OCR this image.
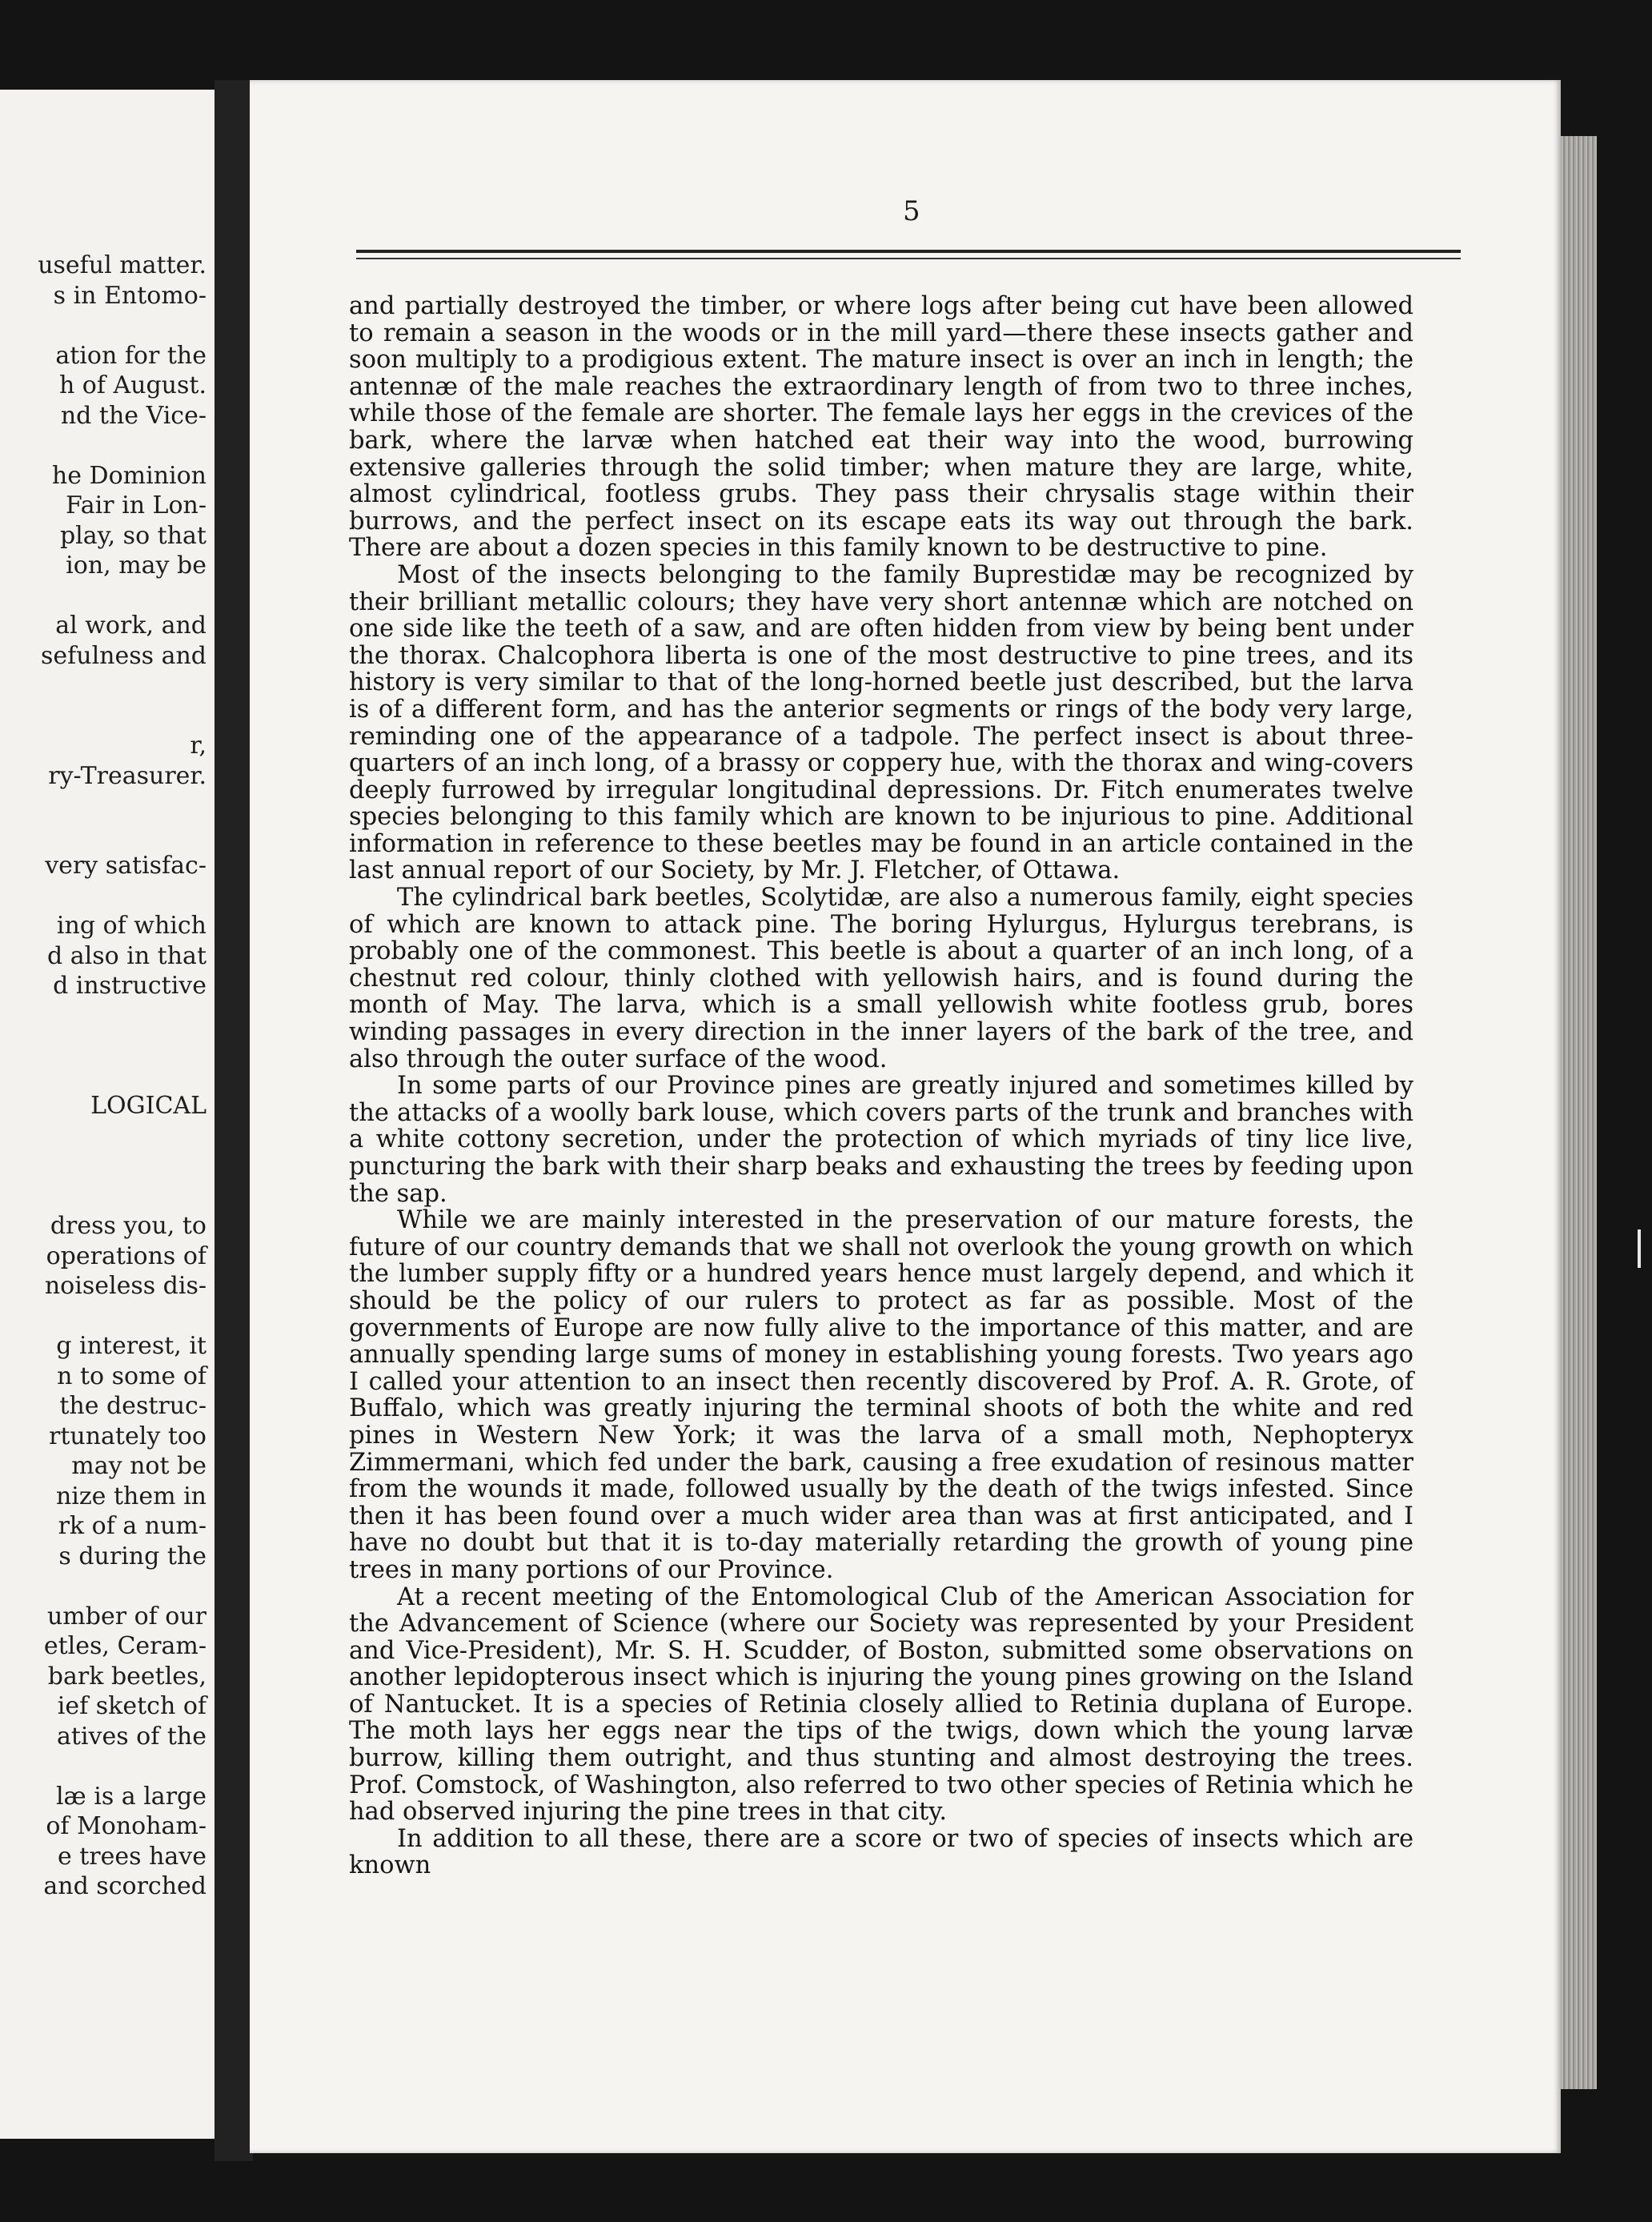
useful matter.
s in Entomo-
ation for the
h of August.
nd the Vice-
he Dominion
Fair in Lon-
play, so that
ion, may be
al work, and
sefulness and
r,
ry-Treasurer.
very satisfac-
ing of which
d also in that
d instructive
LOGICAL
dress you, to
operations of
noiseless dis-
g interest, it
n to some of
the destruc-
rtunately too
may not be
nize them in
rk of a num-
s during the
umber of our
etles, Ceram-
bark beetles,
ief sketch of
atives of the
læ is a large
of Monoham-
e trees have
and scorched
5

and partially destroyed the timber, or where logs after being cut have been allowed to remain a season in the woods or in the mill yard—there these insects gather and soon multiply to a prodigious extent. The mature insect is over an inch in length; the antennæ of the male reaches the extraordinary length of from two to three inches, while those of the female are shorter. The female lays her eggs in the crevices of the bark, where the larvæ when hatched eat their way into the wood, burrowing extensive galleries through the solid timber; when mature they are large, white, almost cylindrical, footless grubs. They pass their chrysalis stage within their burrows, and the perfect insect on its escape eats its way out through the bark. There are about a dozen species in this family known to be destructive to pine.

Most of the insects belonging to the family Buprestidæ may be recognized by their brilliant metallic colours; they have very short antennæ which are notched on one side like the teeth of a saw, and are often hidden from view by being bent under the thorax. Chalcophora liberta is one of the most destructive to pine trees, and its history is very similar to that of the long-horned beetle just described, but the larva is of a different form, and has the anterior segments or rings of the body very large, reminding one of the appearance of a tadpole. The perfect insect is about three-quarters of an inch long, of a brassy or coppery hue, with the thorax and wing-covers deeply furrowed by irregular longitudinal depressions. Dr. Fitch enumerates twelve species belonging to this family which are known to be injurious to pine. Additional information in reference to these beetles may be found in an article contained in the last annual report of our Society, by Mr. J. Fletcher, of Ottawa.

The cylindrical bark beetles, Scolytidæ, are also a numerous family, eight species of which are known to attack pine. The boring Hylurgus, Hylurgus terebrans, is probably one of the commonest. This beetle is about a quarter of an inch long, of a chestnut red colour, thinly clothed with yellowish hairs, and is found during the month of May. The larva, which is a small yellowish white footless grub, bores winding passages in every direction in the inner layers of the bark of the tree, and also through the outer surface of the wood.

In some parts of our Province pines are greatly injured and sometimes killed by the attacks of a woolly bark louse, which covers parts of the trunk and branches with a white cottony secretion, under the protection of which myriads of tiny lice live, puncturing the bark with their sharp beaks and exhausting the trees by feeding upon the sap.

While we are mainly interested in the preservation of our mature forests, the future of our country demands that we shall not overlook the young growth on which the lumber supply fifty or a hundred years hence must largely depend, and which it should be the policy of our rulers to protect as far as possible. Most of the governments of Europe are now fully alive to the importance of this matter, and are annually spending large sums of money in establishing young forests. Two years ago I called your attention to an insect then recently discovered by Prof. A. R. Grote, of Buffalo, which was greatly injuring the terminal shoots of both the white and red pines in Western New York; it was the larva of a small moth, Nephopteryx Zimmermani, which fed under the bark, causing a free exudation of resinous matter from the wounds it made, followed usually by the death of the twigs infested. Since then it has been found over a much wider area than was at first anticipated, and I have no doubt but that it is to-day materially retarding the growth of young pine trees in many portions of our Province.

At a recent meeting of the Entomological Club of the American Association for the Advancement of Science (where our Society was represented by your President and Vice-President), Mr. S. H. Scudder, of Boston, submitted some observations on another lepidopterous insect which is injuring the young pines growing on the Island of Nantucket. It is a species of Retinia closely allied to Retinia duplana of Europe. The moth lays her eggs near the tips of the twigs, down which the young larvæ burrow, killing them outright, and thus stunting and almost destroying the trees. Prof. Comstock, of Washington, also referred to two other species of Retinia which he had observed injuring the pine trees in that city.

In addition to all these, there are a score or two of species of insects which are known
